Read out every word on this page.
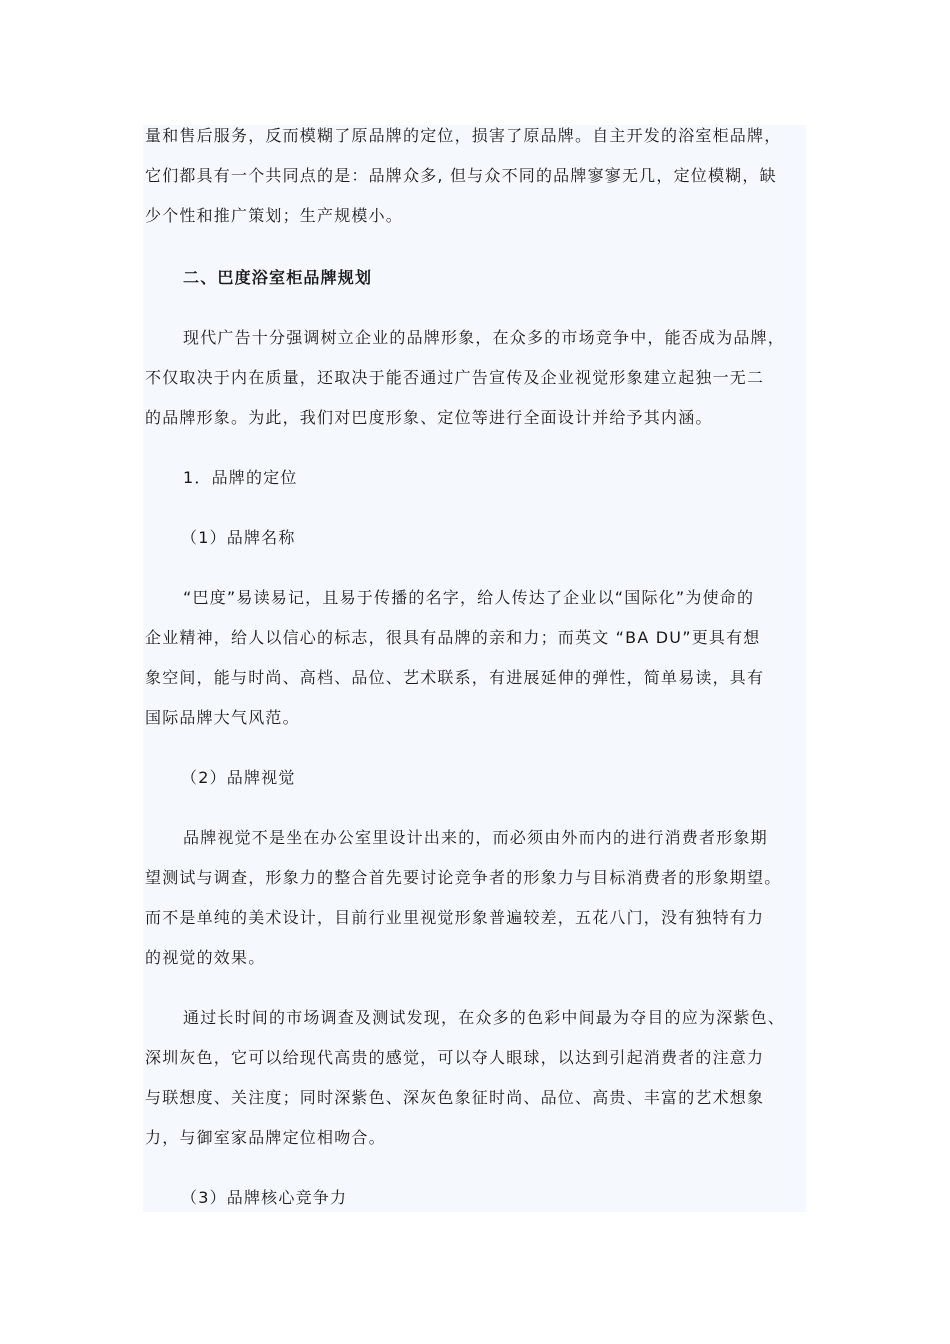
量和售后服务，反而模糊了原品牌的定位，损害了原品牌。自主开发的浴室柜品牌，
它们都具有一个共同点的是：品牌众多, 但与众不同的品牌寥寥无几，定位模糊，缺
少个性和推广策划；生产规模小。
二、巴度浴室柜品牌规划
现代广告十分强调树立企业的品牌形象，在众多的市场竞争中，能否成为品牌，
不仅取决于内在质量，还取决于能否通过广告宣传及企业视觉形象建立起独一无二
的品牌形象。为此，我们对巴度形象、定位等进行全面设计并给予其内涵。
1．品牌的定位
（1）品牌名称
“巴度”易读易记，且易于传播的名字，给人传达了企业以“国际化”为使命的
企业精神，给人以信心的标志，很具有品牌的亲和力；而英文 “BA DU”更具有想
象空间，能与时尚、高档、品位、艺术联系，有进展延伸的弹性，简单易读，具有
国际品牌大气风范。
（2）品牌视觉
品牌视觉不是坐在办公室里设计出来的，而必须由外而内的进行消费者形象期
望测试与调查，形象力的整合首先要讨论竞争者的形象力与目标消费者的形象期望。
而不是单纯的美术设计，目前行业里视觉形象普遍较差，五花八门，没有独特有力
的视觉的效果。
通过长时间的市场调查及测试发现，在众多的色彩中间最为夺目的应为深紫色、
深圳灰色，它可以给现代高贵的感觉，可以夺人眼球，以达到引起消费者的注意力
与联想度、关注度；同时深紫色、深灰色象征时尚、品位、高贵、丰富的艺术想象
力，与御室家品牌定位相吻合。
（3）品牌核心竞争力
